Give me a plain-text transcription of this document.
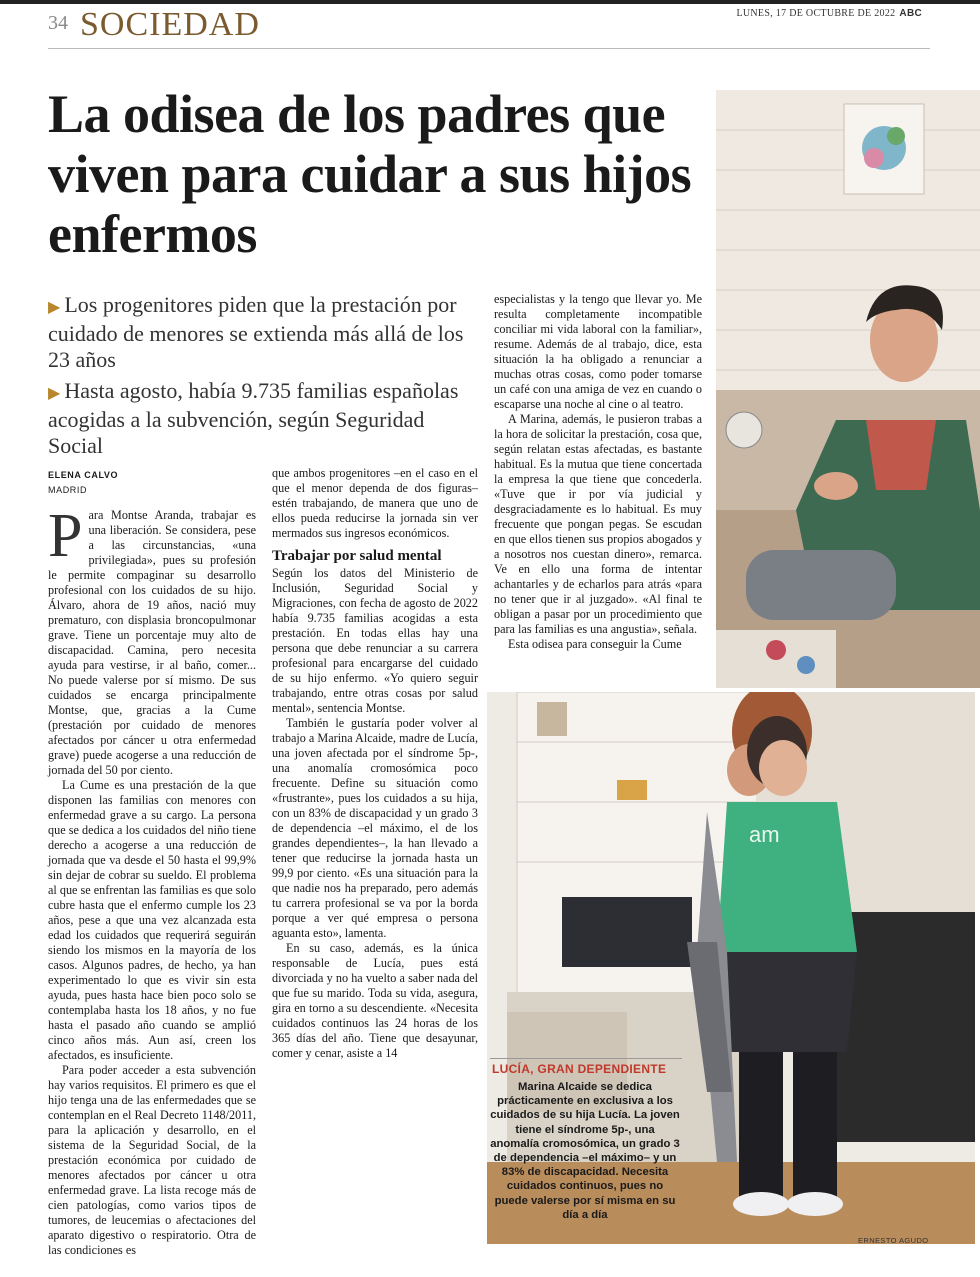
34 SOCIEDAD	LUNES, 17 DE OCTUBRE DE 2022 ABC
La odisea de los padres que viven para cuidar a sus hijos enfermos
▶ Los progenitores piden que la prestación por cuidado de menores se extienda más allá de los 23 años
▶ Hasta agosto, había 9.735 familias españolas acogidas a la subvención, según Seguridad Social
ELENA CALVO
MADRID

Para Montse Aranda, trabajar es una liberación. Se considera, pese a las circunstancias, «una privilegiada», pues su profesión le permite compaginar su desarrollo profesional con los cuidados de su hijo. Álvaro, ahora de 19 años, nació muy prematuro, con displasia broncopulmonar grave. Tiene un porcentaje muy alto de discapacidad. Camina, pero necesita ayuda para vestirse, ir al baño, comer... No puede valerse por sí mismo. De sus cuidados se encarga principalmente Montse, que, gracias a la Cume (prestación por cuidado de menores afectados por cáncer u otra enfermedad grave) puede acogerse a una reducción de jornada del 50 por ciento.

La Cume es una prestación de la que disponen las familias con menores con enfermedad grave a su cargo. La persona que se dedica a los cuidados del niño tiene derecho a acogerse a una reducción de jornada que va desde el 50 hasta el 99,9% sin dejar de cobrar su sueldo. El problema al que se enfrentan las familias es que solo cubre hasta que el enfermo cumple los 23 años, pese a que una vez alcanzada esta edad los cuidados que requerirá seguirán siendo los mismos en la mayoría de los casos. Algunos padres, de hecho, ya han experimentado lo que es vivir sin esta ayuda, pues hasta hace bien poco solo se contemplaba hasta los 18 años, y no fue hasta el pasado año cuando se amplió cinco años más. Aun así, creen los afectados, es insuficiente.

Para poder acceder a esta subvención hay varios requisitos. El primero es que el hijo tenga una de las enfermedades que se contemplan en el Real Decreto 1148/2011, para la aplicación y desarrollo, en el sistema de la Seguridad Social, de la prestación económica por cuidado de menores afectados por cáncer u otra enfermedad grave. La lista recoge más de cien patologías, como varios tipos de tumores, de leucemias o afectaciones del aparato digestivo o respiratorio. Otra de las condiciones es

que ambos progenitores –en el caso en el que el menor dependa de dos figuras– estén trabajando, de manera que uno de ellos pueda reducirse la jornada sin ver mermados sus ingresos económicos.

Trabajar por salud mental

Según los datos del Ministerio de Inclusión, Seguridad Social y Migraciones, con fecha de agosto de 2022 había 9.735 familias acogidas a esta prestación. En todas ellas hay una persona que debe renunciar a su carrera profesional para encargarse del cuidado de su hijo enfermo. «Yo quiero seguir trabajando, entre otras cosas por salud mental», sentencia Montse.

También le gustaría poder volver al trabajo a Marina Alcaide, madre de Lucía, una joven afectada por el síndrome 5p-, una anomalía cromosómica poco frecuente. Define su situación como «frustrante», pues los cuidados a su hija, con un 83% de discapacidad y un grado 3 de dependencia –el máximo, el de los grandes dependientes–, la han llevado a tener que reducirse la jornada hasta un 99,9 por ciento. «Es una situación para la que nadie nos ha preparado, pero además tu carrera profesional se va por la borda porque a ver qué empresa o persona aguanta esto», lamenta.

En su caso, además, es la única responsable de Lucía, pues está divorciada y no ha vuelto a saber nada del que fue su marido. Toda su vida, asegura, gira en torno a su descendiente. «Necesita cuidados continuos las 24 horas de los 365 días del año. Tiene que desayunar, comer y cenar, asiste a 14

especialistas y la tengo que llevar yo. Me resulta completamente incompatible conciliar mi vida laboral con la familiar», resume. Además de al trabajo, dice, esta situación la ha obligado a renunciar a muchas otras cosas, como poder tomarse un café con una amiga de vez en cuando o escaparse una noche al cine o al teatro.

A Marina, además, le pusieron trabas a la hora de solicitar la prestación, cosa que, según relatan estas afectadas, es bastante habitual. Es la mutua que tiene concertada la empresa la que tiene que concederla. «Tuve que ir por vía judicial y desgraciadamente es lo habitual. Es muy frecuente que pongan pegas. Se escudan en que ellos tienen sus propios abogados y a nosotros nos cuestan dinero», remarca. Ve en ello una forma de intentar achantarles y de echarlos para atrás «para no tener que ir al juzgado». «Al final te obligan a pasar por un procedimiento que para las familias es una angustia», señala.

Esta odisea para conseguir la Cume

am
ERNESTO AGUDO
LUCÍA, GRAN DEPENDIENTE
Marina Alcaide se dedica prácticamente en exclusiva a los cuidados de su hija Lucía. La joven tiene el síndrome 5p-, una anomalía cromosómica, un grado 3 de dependencia –el máximo– y un 83% de discapacidad. Necesita cuidados continuos, pues no puede valerse por sí misma en su día a día
